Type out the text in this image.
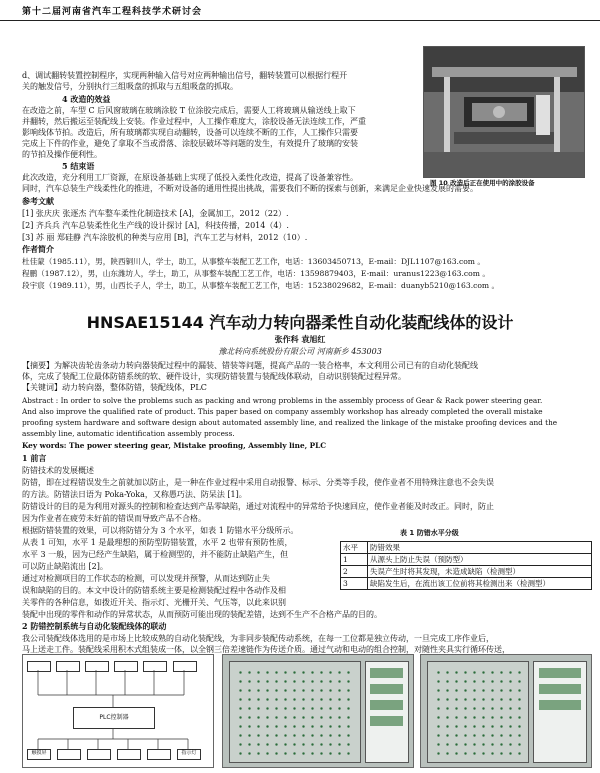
第十二届河南省汽车工程科技学术研讨会
d、调试翻转装置控制程序，实现两种输入信号对应两种输出信号，翻转装置可以根据行程开
关的触发信号，分别执行三组吸盘的抓取与五组吸盘的抓取。
4 改造的效益
在改造之前，车型 C 后风窗玻璃在玻璃涂胶 T 位涂胶完成后，需要人工将玻璃从输送线上取下
并翻转，然后搬运至装配线上安装。作业过程中，人工操作难度大，涂胶设备无法连续工作，严重
影响线体节拍。改造后，所有玻璃都实现自动翻转，设备可以连续不断的工作，人工操作只需要
完成上下件的作业，避免了拿取不当或滑落、涂胶层破坏等问题的发生，有效提升了玻璃的安装
的节拍及操作便利性。
5 结束语
此次改造，充分利用工厂资源，在原设备基础上实现了低投入柔性化改造，提高了设备兼容性。
同时，汽车总装生产线柔性化的推进，不断对设备的通用性提出挑战，需要我们不断的探索与创新，来满足企业快速发展的需要。
图 10 改造后正在使用中的涂胶设备
参考文献
[1] 张庆庆 张逐杰 汽车整车柔性化制造技术 [A]，金属加工，2012（22）.
[2] 齐兵兵 汽车总装柔性化生产线的设计探讨 [A]，科技传播，2014（4）.
[3] 苏 丽 郑硅静 汽车涂胶机的种类与应用 [B]，汽车工艺与材料，2012（10）.
作者简介
杜佳蒙（1985.11），男，陕西铜川人，学士，助工，从事整车装配工艺工作，电话：13603450713，E-mail：DJL1107@163.com 。
程鹏（1987.12），男，山东潍坊人，学士，助工，从事整车装配工艺工作，电话：13598879403，E-mail：uranus1223@163.com 。
段宇宸（1989.11），男，山西长子人，学士，助工，从事整车装配工艺工作，电话：15238029682，E-mail：duanyb5210@163.com 。
HNSAE15144 汽车动力转向器柔性自动化装配线体的设计
张作科 袁旭红
豫北转向系统股份有限公司 河南新乡 453003
【摘要】为解决齿轮齿条动力转向器装配过程中的漏装、错装等问题，提高产品的一装合格率，本文利用公司已有的自动化装配线
体，完成了装配工位最体防错系统的软、硬件设计，实现防错装置与装配线体联动，自动识别装配过程异常。
【关键词】动力转向器，整体防错，装配线体，PLC
Abstract : In order to solve the problems such as packing and wrong problems in the assembly process of Gear & Rack power steering gear.
And also improve the qualified rate of product. This paper based on company assembly workshop has already completed the overall mistake
proofing system hardware and software design about automated assembly line, and realized the linkage of the mistake proofing devices and the
assembly line, automatic identification assembly process.
Key words: The power steering gear, Mistake proofing, Assembly line, PLC
1 前言
防错技术的发展概述
防错，即在过程错误发生之前就加以防止，是一种在作业过程中采用自动报警、标示、分类等手段，使作业者不用特殊注意也不会失误
的方法。防错法日语为 Poka-Yoka，又称愚巧法、防呆法 [1]。
防错设计的目的是为利用对源头的控制和检查达到产品零缺陷，通过对流程中的异常给予快速回应，使作业者能及时改正。同时，防止
因为作业者在疲劳未好前的错误而导致产品不合格。
根据防错装置的效果，可以将防错分为 3 个水平，如表 1 防错水平分级所示。
从表 1 可知，水平 1 是最理想的预防型防错装置，水平 2 也带有预防性质，
水平 3 一般，因为已经产生缺陷，属于检测型的，并不能防止缺陷产生，但
可以防止缺陷流出 [2]。
通过对检测项目的工作状态的检测，可以发现并预警，从而达到防止失
误和缺陷的目的。本文中设计的防错系统主要是检测装配过程中各动作及相
关零件的各种信息，如拨近开关、指示灯、光栅开关、气压等，以此来识别
表 1 防错水平分级
水平	防错效果
1	从源头上防止失误（预防型）
2	失误产生时将其发现，未造成缺陷（检测型）
3	缺陷发生后，在流出该工位前将其检测出来（检测型）
装配中出现的零件和动作的异常状态，从而预防可能出现的装配差错，达到不生产不合格产品的目的。
2 防错控制系统与自动化装配线体的联动
我公司装配线体选用的是市场上比较成熟的自动化装配线，为非同步装配传动系统，在每一工位都是独立传动，一旦完成工序作业后，
马上送走工件。装配线采用积木式组装成一体，以全钢三倍差速链作为传送介质。通过气动和电动的组合控制，对随性夹具实行循环传送，
PLC控制器
触摸屏	指示灯
